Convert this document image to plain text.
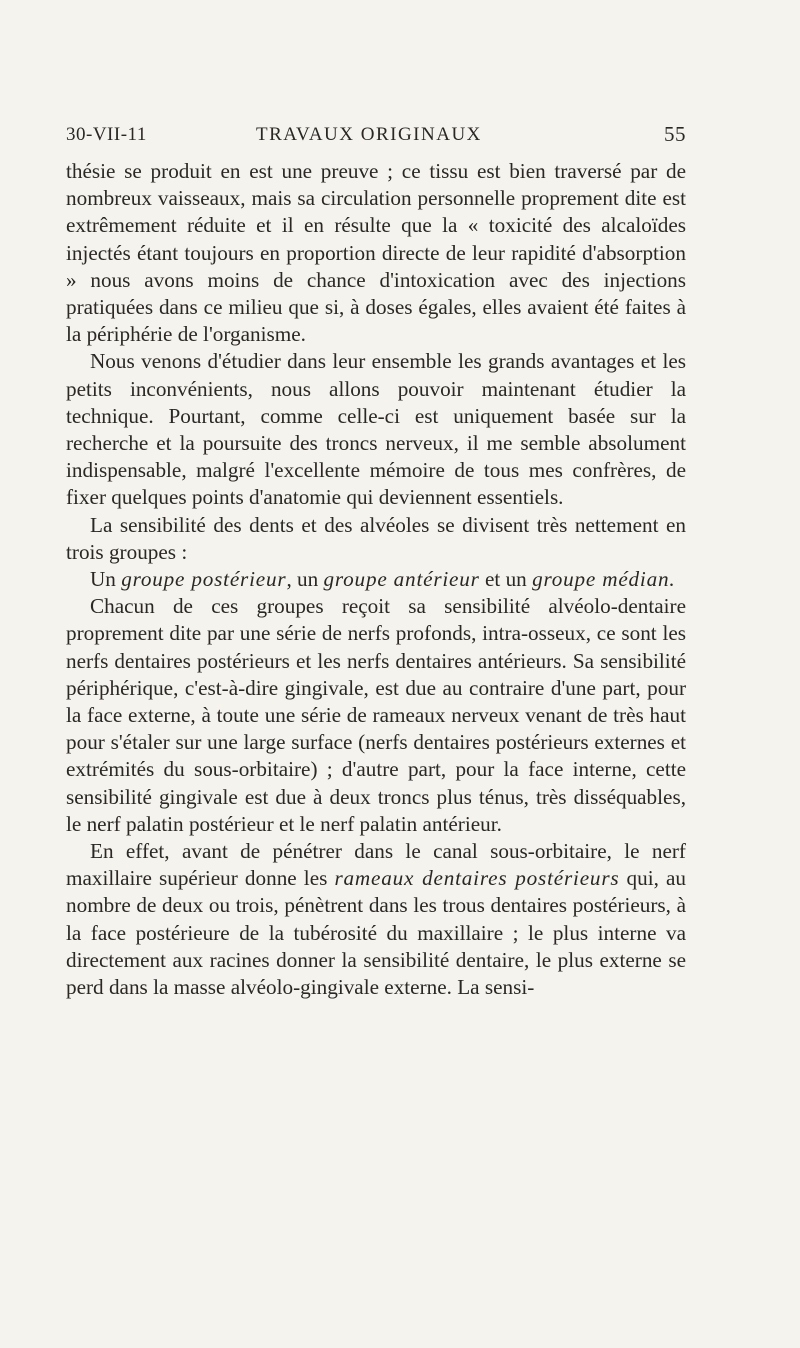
30-VII-11	TRAVAUX ORIGINAUX	55

thésie se produit en est une preuve ; ce tissu est bien traversé par de nombreux vaisseaux, mais sa circulation personnelle proprement dite est extrêmement réduite et il en résulte que la « toxicité des alcaloïdes injectés étant toujours en proportion directe de leur rapidité d'absorption » nous avons moins de chance d'intoxication avec des injections pratiquées dans ce milieu que si, à doses égales, elles avaient été faites à la périphérie de l'organisme.

Nous venons d'étudier dans leur ensemble les grands avantages et les petits inconvénients, nous allons pouvoir maintenant étudier la technique. Pourtant, comme celle-ci est uniquement basée sur la recherche et la poursuite des troncs nerveux, il me semble absolument indispensable, malgré l'excellente mémoire de tous mes confrères, de fixer quelques points d'anatomie qui deviennent essentiels.

La sensibilité des dents et des alvéoles se divisent très nettement en trois groupes :

Un groupe postérieur, un groupe antérieur et un groupe médian.

Chacun de ces groupes reçoit sa sensibilité alvéolo-dentaire proprement dite par une série de nerfs profonds, intra-osseux, ce sont les nerfs dentaires postérieurs et les nerfs dentaires antérieurs. Sa sensibilité périphérique, c'est-à-dire gingivale, est due au contraire d'une part, pour la face externe, à toute une série de rameaux nerveux venant de très haut pour s'étaler sur une large surface (nerfs dentaires postérieurs externes et extrémités du sous-orbitaire) ; d'autre part, pour la face interne, cette sensibilité gingivale est due à deux troncs plus ténus, très disséquables, le nerf palatin postérieur et le nerf palatin antérieur.

En effet, avant de pénétrer dans le canal sous-orbitaire, le nerf maxillaire supérieur donne les rameaux dentaires postérieurs qui, au nombre de deux ou trois, pénètrent dans les trous dentaires postérieurs, à la face postérieure de la tubérosité du maxillaire ; le plus interne va directement aux racines donner la sensibilité dentaire, le plus externe se perd dans la masse alvéolo-gingivale externe. La sensi-
